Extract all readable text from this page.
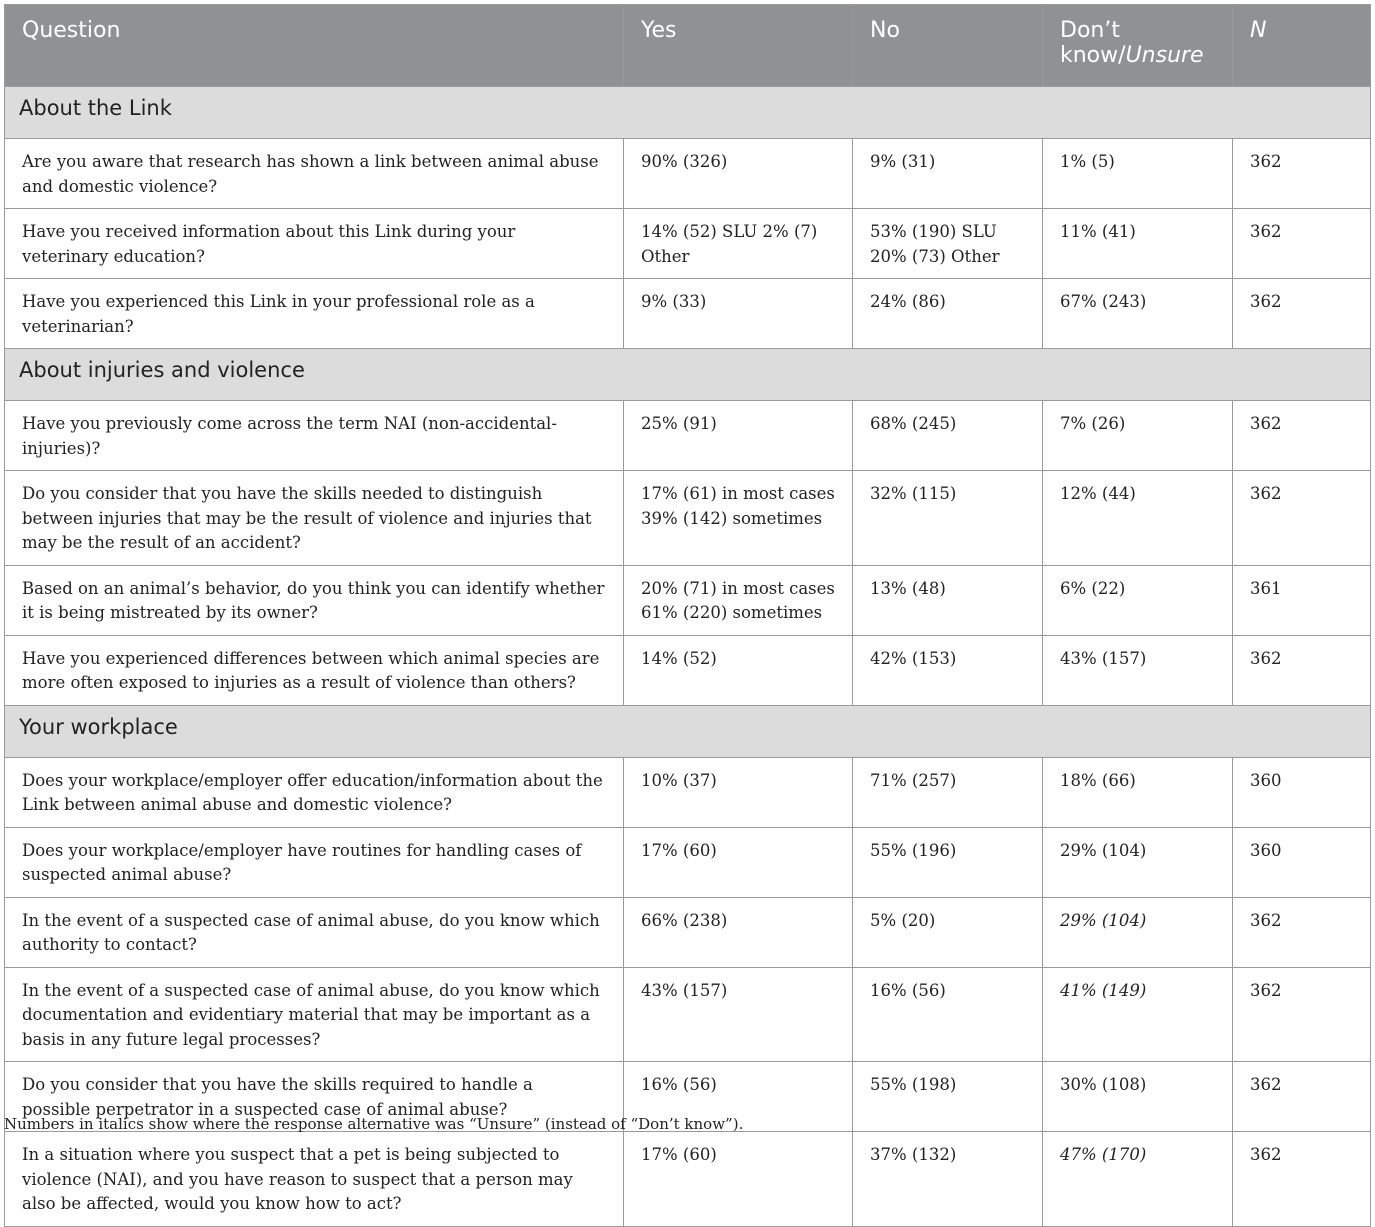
Question	Yes	No	Don’t know/Unsure	N
About the Link				
Are you aware that research has shown a link between animal abuse and domestic violence?	90% (326)	9% (31)	1% (5)	362
Have you received information about this Link during your veterinary education?	14% (52) SLU 2% (7) Other	53% (190) SLU 20% (73) Other	11% (41)	362
Have you experienced this Link in your professional role as a veterinarian?	9% (33)	24% (86)	67% (243)	362
About injuries and violence				
Have you previously come across the term NAI (non-accidental-injuries)?	25% (91)	68% (245)	7% (26)	362
Do you consider that you have the skills needed to distinguish between injuries that may be the result of violence and injuries that may be the result of an accident?	17% (61) in most cases 39% (142) sometimes	32% (115)	12% (44)	362
Based on an animal’s behavior, do you think you can identify whether it is being mistreated by its owner?	20% (71) in most cases 61% (220) sometimes	13% (48)	6% (22)	361
Have you experienced differences between which animal species are more often exposed to injuries as a result of violence than others?	14% (52)	42% (153)	43% (157)	362
Your workplace				
Does your workplace/employer offer education/information about the Link between animal abuse and domestic violence?	10% (37)	71% (257)	18% (66)	360
Does your workplace/employer have routines for handling cases of suspected animal abuse?	17% (60)	55% (196)	29% (104)	360
In the event of a suspected case of animal abuse, do you know which authority to contact?	66% (238)	5% (20)	29% (104)	362
In the event of a suspected case of animal abuse, do you know which documentation and evidentiary material that may be important as a basis in any future legal processes?	43% (157)	16% (56)	41% (149)	362
Do you consider that you have the skills required to handle a possible perpetrator in a suspected case of animal abuse?	16% (56)	55% (198)	30% (108)	362
In a situation where you suspect that a pet is being subjected to violence (NAI), and you have reason to suspect that a person may also be affected, would you know how to act?	17% (60)	37% (132)	47% (170)	362

Numbers in italics show where the response alternative was “Unsure” (instead of “Don’t know”).
